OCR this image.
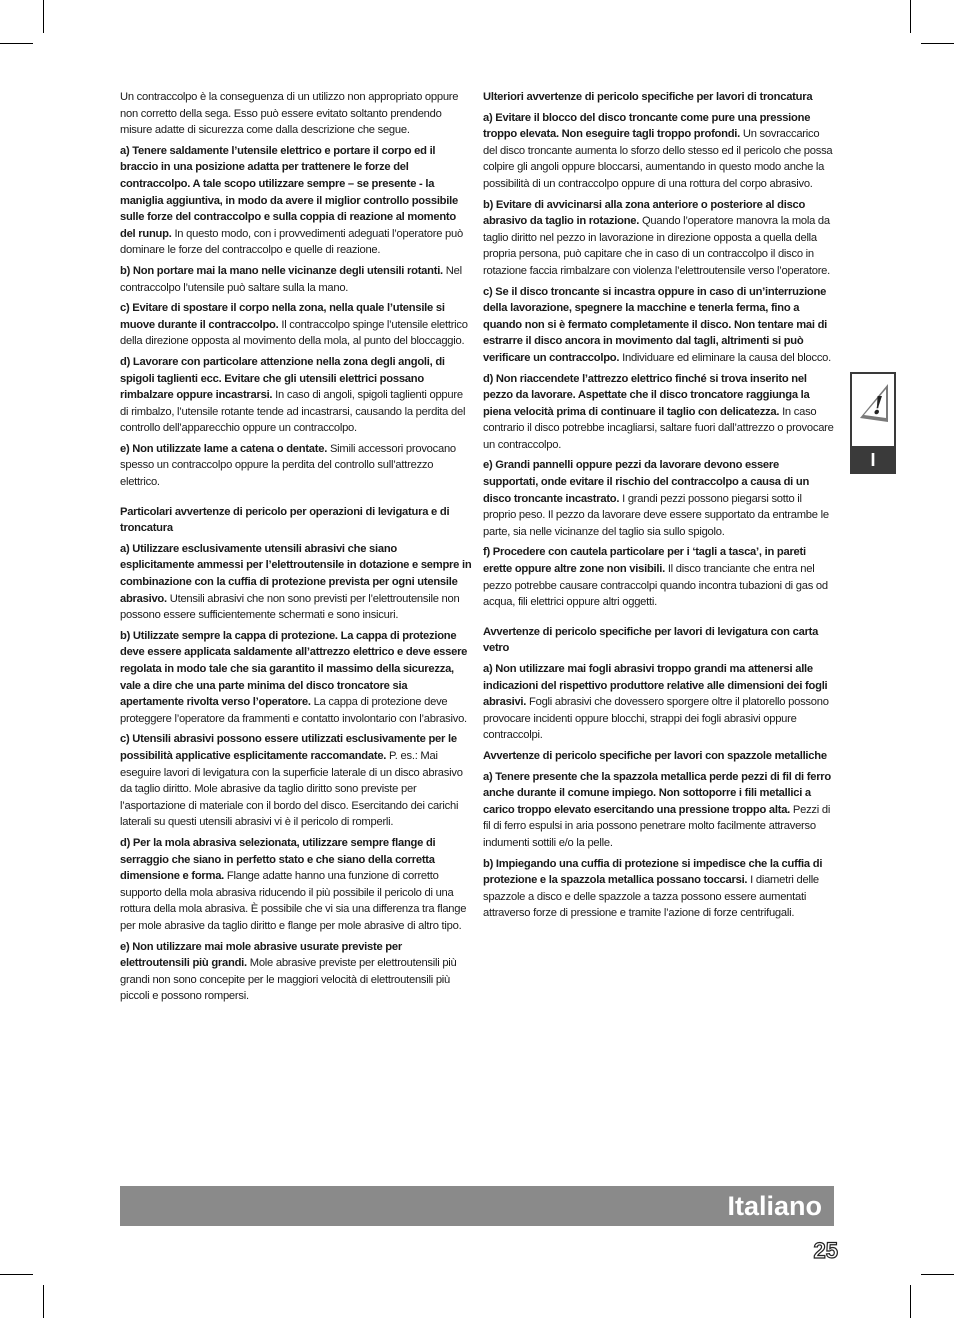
Un contraccolpo è la conseguenza di un utilizzo non appropriato oppure non corretto della sega. Esso può essere evitato soltanto prendendo misure adatte di sicurezza come dalla descrizione che segue.

a) Tenere saldamente l’utensile elettrico e portare il corpo ed il braccio in una posizione adatta per trattenere le forze del contraccolpo. A tale scopo utilizzare sempre – se presente - la maniglia aggiuntiva, in modo da avere il miglior controllo possibile sulle forze del contraccolpo e sulla coppia di reazione al momento del runup. In questo modo, con i provvedimenti adeguati l’operatore può dominare le forze del contraccolpo e quelle di reazione.

b) Non portare mai la mano nelle vicinanze degli utensili rotanti. Nel contraccolpo l’utensile può saltare sulla la mano.

c) Evitare di spostare il corpo nella zona, nella quale l’utensile si muove durante il contraccolpo. Il contraccolpo spinge l’utensile elettrico della direzione opposta al movimento della mola, al punto del bloccaggio.

d) Lavorare con particolare attenzione nella zona degli angoli, di spigoli taglienti ecc. Evitare che gli utensili elettrici possano rimbalzare oppure incastrarsi. In caso di angoli, spigoli taglienti oppure di rimbalzo, l’utensile rotante tende ad incastrarsi, causando la perdita del controllo dell’apparecchio oppure un contraccolpo.

e) Non utilizzate lame a catena o dentate. Simili accessori provocano spesso un contraccolpo oppure la perdita del controllo sull’attrezzo elettrico.

Particolari avvertenze di pericolo per operazioni di levigatura e di troncatura

a) Utilizzare esclusivamente utensili abrasivi che siano esplicitamente ammessi per l’elettroutensile in dotazione e sempre in combinazione con la cuffia di protezione prevista per ogni utensile abrasivo. Utensili abrasivi che non sono previsti per l’elettroutensile non possono essere sufficientemente schermati e sono insicuri.

b) Utilizzate sempre la cappa di protezione. La cappa di protezione deve essere applicata saldamente all’attrezzo elettrico e deve essere regolata in modo tale che sia garantito il massimo della sicurezza, vale a dire che una parte minima del disco troncatore sia apertamente rivolta verso l’operatore. La cappa di protezione deve proteggere l’operatore da frammenti e contatto involontario con l’abrasivo.

c) Utensili abrasivi possono essere utilizzati esclusivamente per le possibilità applicative esplicitamente raccomandate. P. es.: Mai eseguire lavori di levigatura con la superficie laterale di un disco abrasivo da taglio diritto. Mole abrasive da taglio diritto sono previste per l’asportazione di materiale con il bordo del disco. Esercitando dei carichi laterali su questi utensili abrasivi vi è il pericolo di romperli.

d) Per la mola abrasiva selezionata, utilizzare sempre flange di serraggio che siano in perfetto stato e che siano della corretta dimensione e forma. Flange adatte hanno una funzione di corretto supporto della mola abrasiva riducendo il più possibile il pericolo di una rottura della mola abrasiva. È possibile che vi sia una differenza tra flange per mole abrasive da taglio diritto e flange per mole abrasive di altro tipo.

e) Non utilizzare mai mole abrasive usurate previste per elettroutensili più grandi. Mole abrasive previste per elettroutensili più grandi non sono concepite per le maggiori velocità di elettroutensili più piccoli e possono rompersi.

Ulteriori avvertenze di pericolo specifiche per lavori di troncatura

a) Evitare il blocco del disco troncante come pure una pressione troppo elevata. Non eseguire tagli troppo profondi. Un sovraccarico del disco troncante aumenta lo sforzo dello stesso ed il pericolo che possa colpire gli angoli oppure bloccarsi, aumentando in questo modo anche la possibilità di un contraccolpo oppure di una rottura del corpo abrasivo.

b) Evitare di avvicinarsi alla zona anteriore o posteriore al disco abrasivo da taglio in rotazione. Quando l’operatore manovra la mola da taglio diritto nel pezzo in lavorazione in direzione opposta a quella della propria persona, può capitare che in caso di un contraccolpo il disco in rotazione faccia rimbalzare con violenza l’elettroutensile verso l’operatore.

c) Se il disco troncante si incastra oppure in caso di un’interruzione della lavorazione, spegnere la macchine e tenerla ferma, fino a quando non si è fermato completamente il disco. Non tentare mai di estrarre il disco ancora in movimento dal tagli, altrimenti si può verificare un contraccolpo. Individuare ed eliminare la causa del blocco.

d) Non riaccendete l’attrezzo elettrico finché si trova inserito nel pezzo da lavorare. Aspettate che il disco troncatore raggiunga la piena velocità prima di continuare il taglio con delicatezza. In caso contrario il disco potrebbe incagliarsi, saltare fuori dall’attrezzo o provocare un contraccolpo.

e) Grandi pannelli oppure pezzi da lavorare devono essere supportati, onde evitare il rischio del contraccolpo a causa di un disco troncante incastrato. I grandi pezzi possono piegarsi sotto il proprio peso. Il pezzo da lavorare deve essere supportato da entrambe le parte, sia nelle vicinanze del taglio sia sullo spigolo.

f) Procedere con cautela particolare per i ‘tagli a tasca’, in pareti erette oppure altre zone non visibili. Il disco tranciante che entra nel pezzo potrebbe causare contraccolpi quando incontra tubazioni di gas od acqua, fili elettrici oppure altri oggetti.

Avvertenze di pericolo specifiche per lavori di levigatura con carta vetro

a) Non utilizzare mai fogli abrasivi troppo grandi ma attenersi alle indicazioni del rispettivo produttore relative alle dimensioni dei fogli abrasivi. Fogli abrasivi che dovessero sporgere oltre il platorello possono provocare incidenti oppure blocchi, strappi dei fogli abrasivi oppure contraccolpi.

Avvertenze di pericolo specifiche per lavori con spazzole metalliche

a) Tenere presente che la spazzola metallica perde pezzi di fil di ferro anche durante il comune impiego. Non sottoporre i fili metallici a carico troppo elevato esercitando una pressione troppo alta. Pezzi di fil di ferro espulsi in aria possono penetrare molto facilmente attraverso indumenti sottili e/o la pelle.

b) Impiegando una cuffia di protezione si impedisce che la cuffia di protezione e la spazzola metallica possano toccarsi. I diametri delle spazzole a disco e delle spazzole a tazza possono essere aumentati attraverso forze di pressione e tramite l’azione di forze centrifugali.

!
I
Italiano
25
